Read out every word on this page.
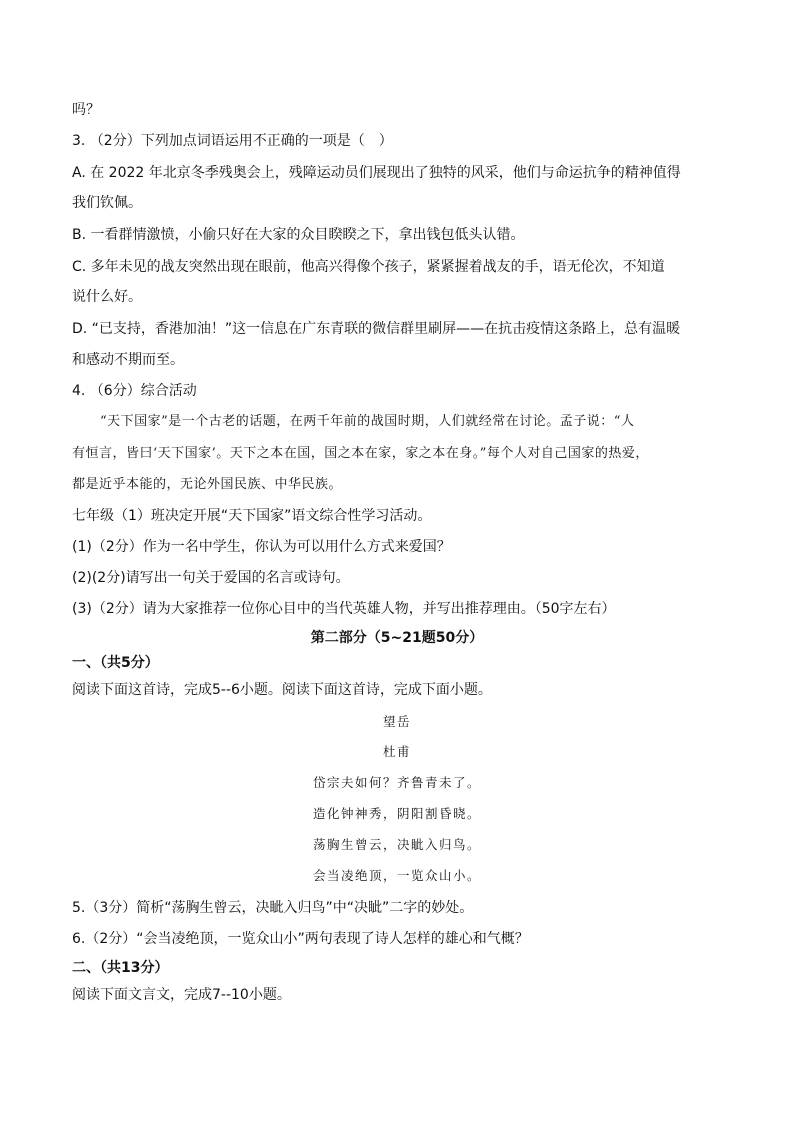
吗？
3. （2分）下列加点词语运用不正确的一项是（　）
A. 在 2022 年北京冬季残奥会上，残障运动员们展现出了独特的风采，他们与命运抗争的精神值得
我们钦佩。
B. 一看群情激愤，小偷只好在大家的众目睽睽之下，拿出钱包低头认错。
C. 多年未见的战友突然出现在眼前，他高兴得像个孩子，紧紧握着战友的手，语无伦次，不知道
说什么好。
D. “已支持，香港加油！”这一信息在广东青联的微信群里刷屏——在抗击疫情这条路上，总有温暖
和感动不期而至。
4. （6分）综合活动
“天下国家”是一个古老的话题，在两千年前的战国时期，人们就经常在讨论。孟子说：“人
有恒言，皆曰‘天下国家’。天下之本在国，国之本在家，家之本在身。”每个人对自己国家的热爱，
都是近乎本能的，无论外国民族、中华民族。
七年级（1）班决定开展“天下国家”语文综合性学习活动。
(1)（2分）作为一名中学生，你认为可以用什么方式来爱国？
(2)(2分)请写出一句关于爱国的名言或诗句。
(3)（2分）请为大家推荐一位你心目中的当代英雄人物，并写出推荐理由。（50字左右）
第二部分（5~21题50分）
一、（共5分）
阅读下面这首诗，完成5--6小题。阅读下面这首诗，完成下面小题。
望岳
杜甫
岱宗夫如何？齐鲁青未了。
造化钟神秀，阴阳割昏晓。
荡胸生曾云，决眦入归鸟。
会当凌绝顶，一览众山小。
5.（3分）简析“荡胸生曾云，决眦入归鸟”中“决眦”二字的妙处。
6.（2分）“会当凌绝顶，一览众山小”两句表现了诗人怎样的雄心和气概？
二、（共13分）
阅读下面文言文，完成7--10小题。
